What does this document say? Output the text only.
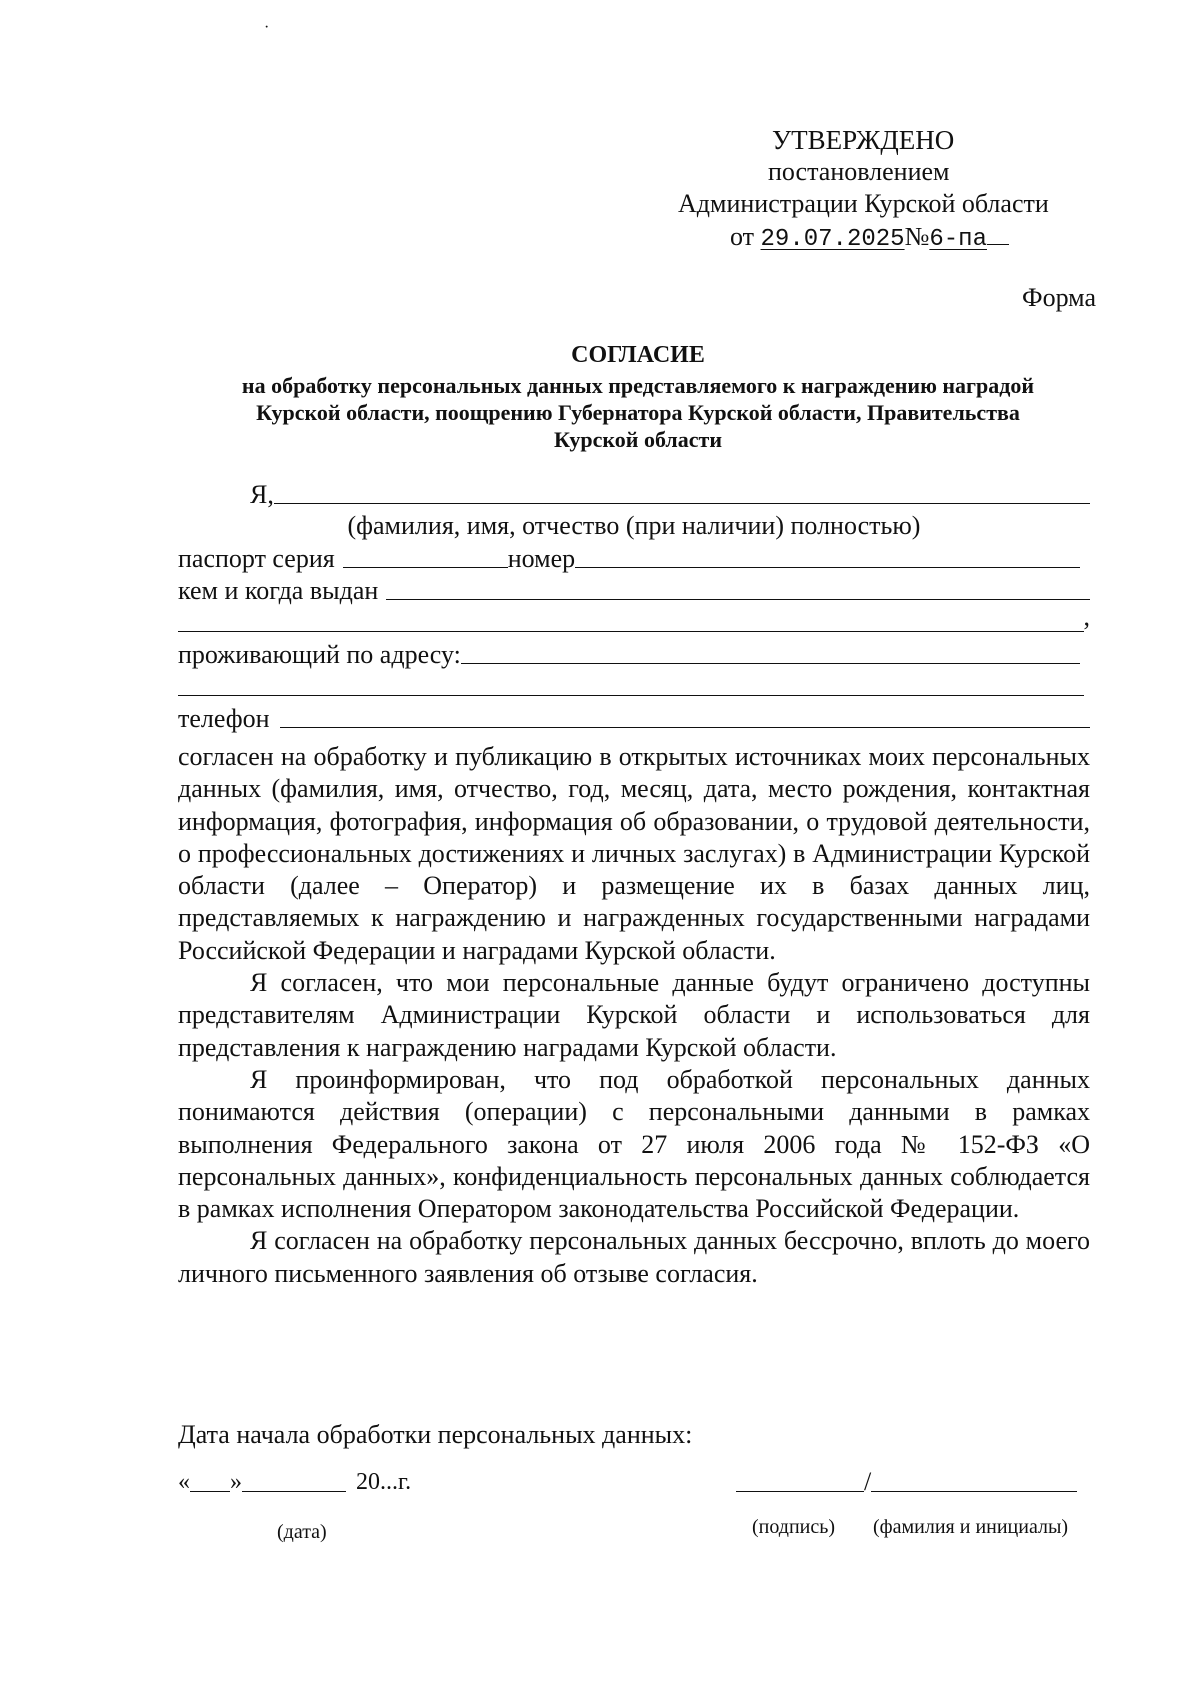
·
УТВЕРЖДЕНО
постановлением
Администрации Курской области
от 29.07.2025№6-па
Форма
СОГЛАСИЕ
на обработку персональных данных представляемого к награждению наградой
Курской области, поощрению Губернатора Курской области, Правительства
Курской области
Я,
(фамилия, имя, отчество (при наличии) полностью)
паспорт серия	номер
кем и когда выдан
,
проживающий по адресу:
телефон

согласен на обработку и публикацию в открытых источниках моих персональных данных (фамилия, имя, отчество, год, месяц, дата, место рождения, контактная информация, фотография, информация об образовании, о трудовой деятельности, о профессиональных достижениях и личных заслугах) в Администрации Курской области (далее – Оператор) и размещение их в базах данных лиц, представляемых к награждению и награжденных государственными наградами Российской Федерации и наградами Курской области.

Я согласен, что мои персональные данные будут ограничено доступны представителям Администрации Курской области и использоваться для представления к награждению наградами Курской области.

Я проинформирован, что под обработкой персональных данных понимаются действия (операции) с персональными данными в рамках выполнения Федерального закона от 27 июля 2006 года № 152-ФЗ «О персональных данных», конфиденциальность персональных данных соблюдается в рамках исполнения Оператором законодательства Российской Федерации.

Я согласен на обработку персональных данных бессрочно, вплоть до моего личного письменного заявления об отзыве согласия.

Дата начала обработки персональных данных:
« »	20...г.	/
(дата)	(подпись) (фамилия и инициалы)
